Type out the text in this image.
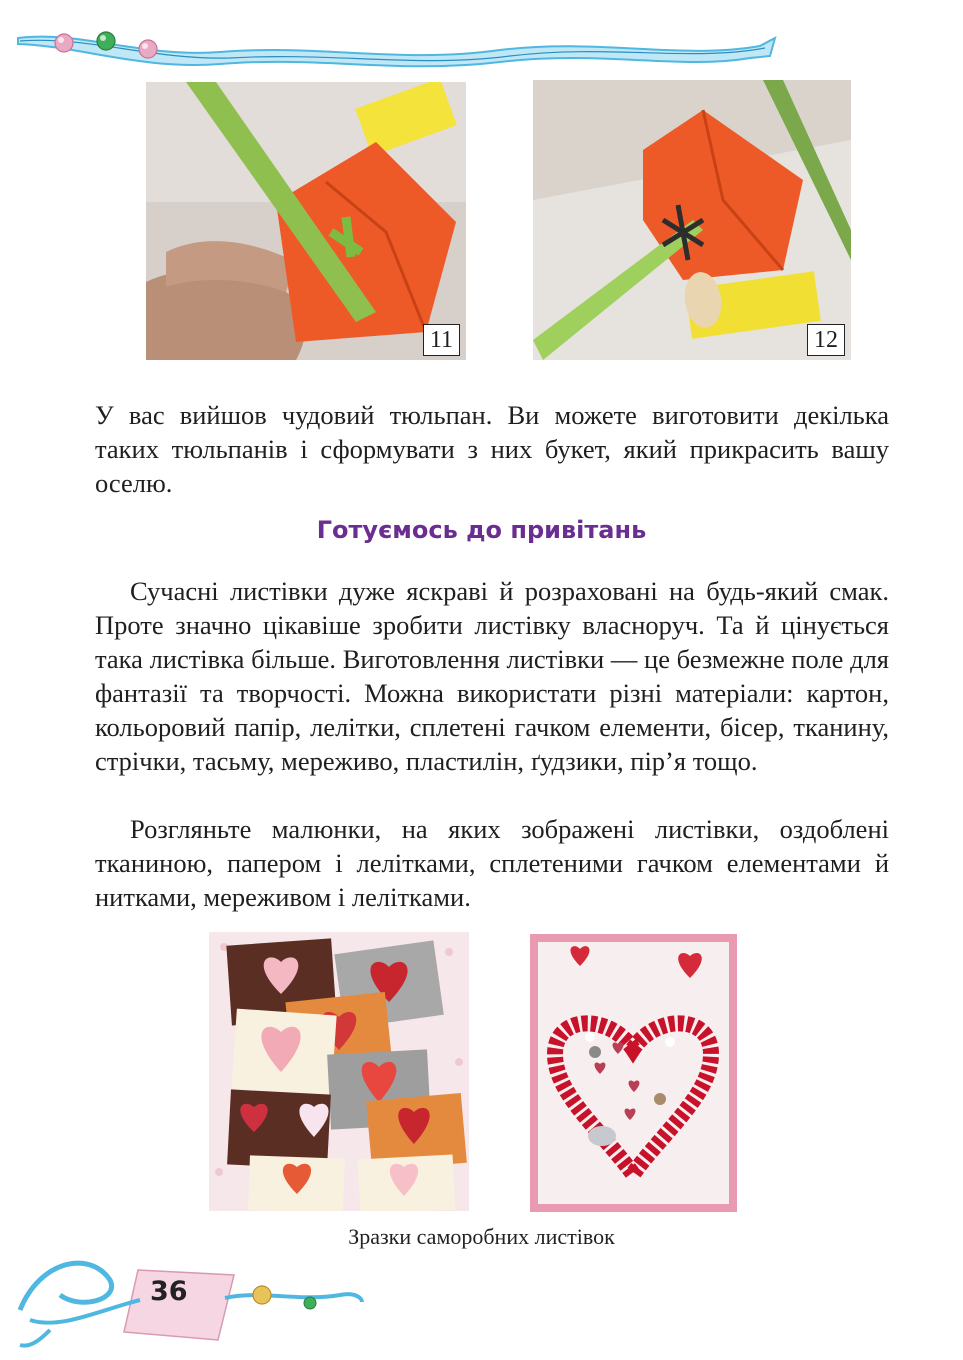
11	12

У вас вийшов чудовий тюльпан. Ви можете виготовити декілька таких тюльпанів і сформувати з них букет, який прикрасить вашу оселю.

Готуємось до привітань

Сучасні листівки дуже яскраві й розраховані на будь-який смак. Проте значно цікавіше зробити листівку власноруч. Та й цінується така листівка більше. Виготовлення листівки — це безмежне поле для фантазії та творчості. Можна використати різні матеріали: картон, кольоровий папір, лелітки, сплетені гачком елементи, бісер, тканину, стрічки, тасьму, мереживо, пластилін, ґудзики, пір’я тощо.

Розгляньте малюнки, на яких зображені листівки, оздоблені тканиною, папером і лелітками, сплетеними гачком елементами й нитками, мереживом і лелітками.

Зразки саморобних листівок
36
